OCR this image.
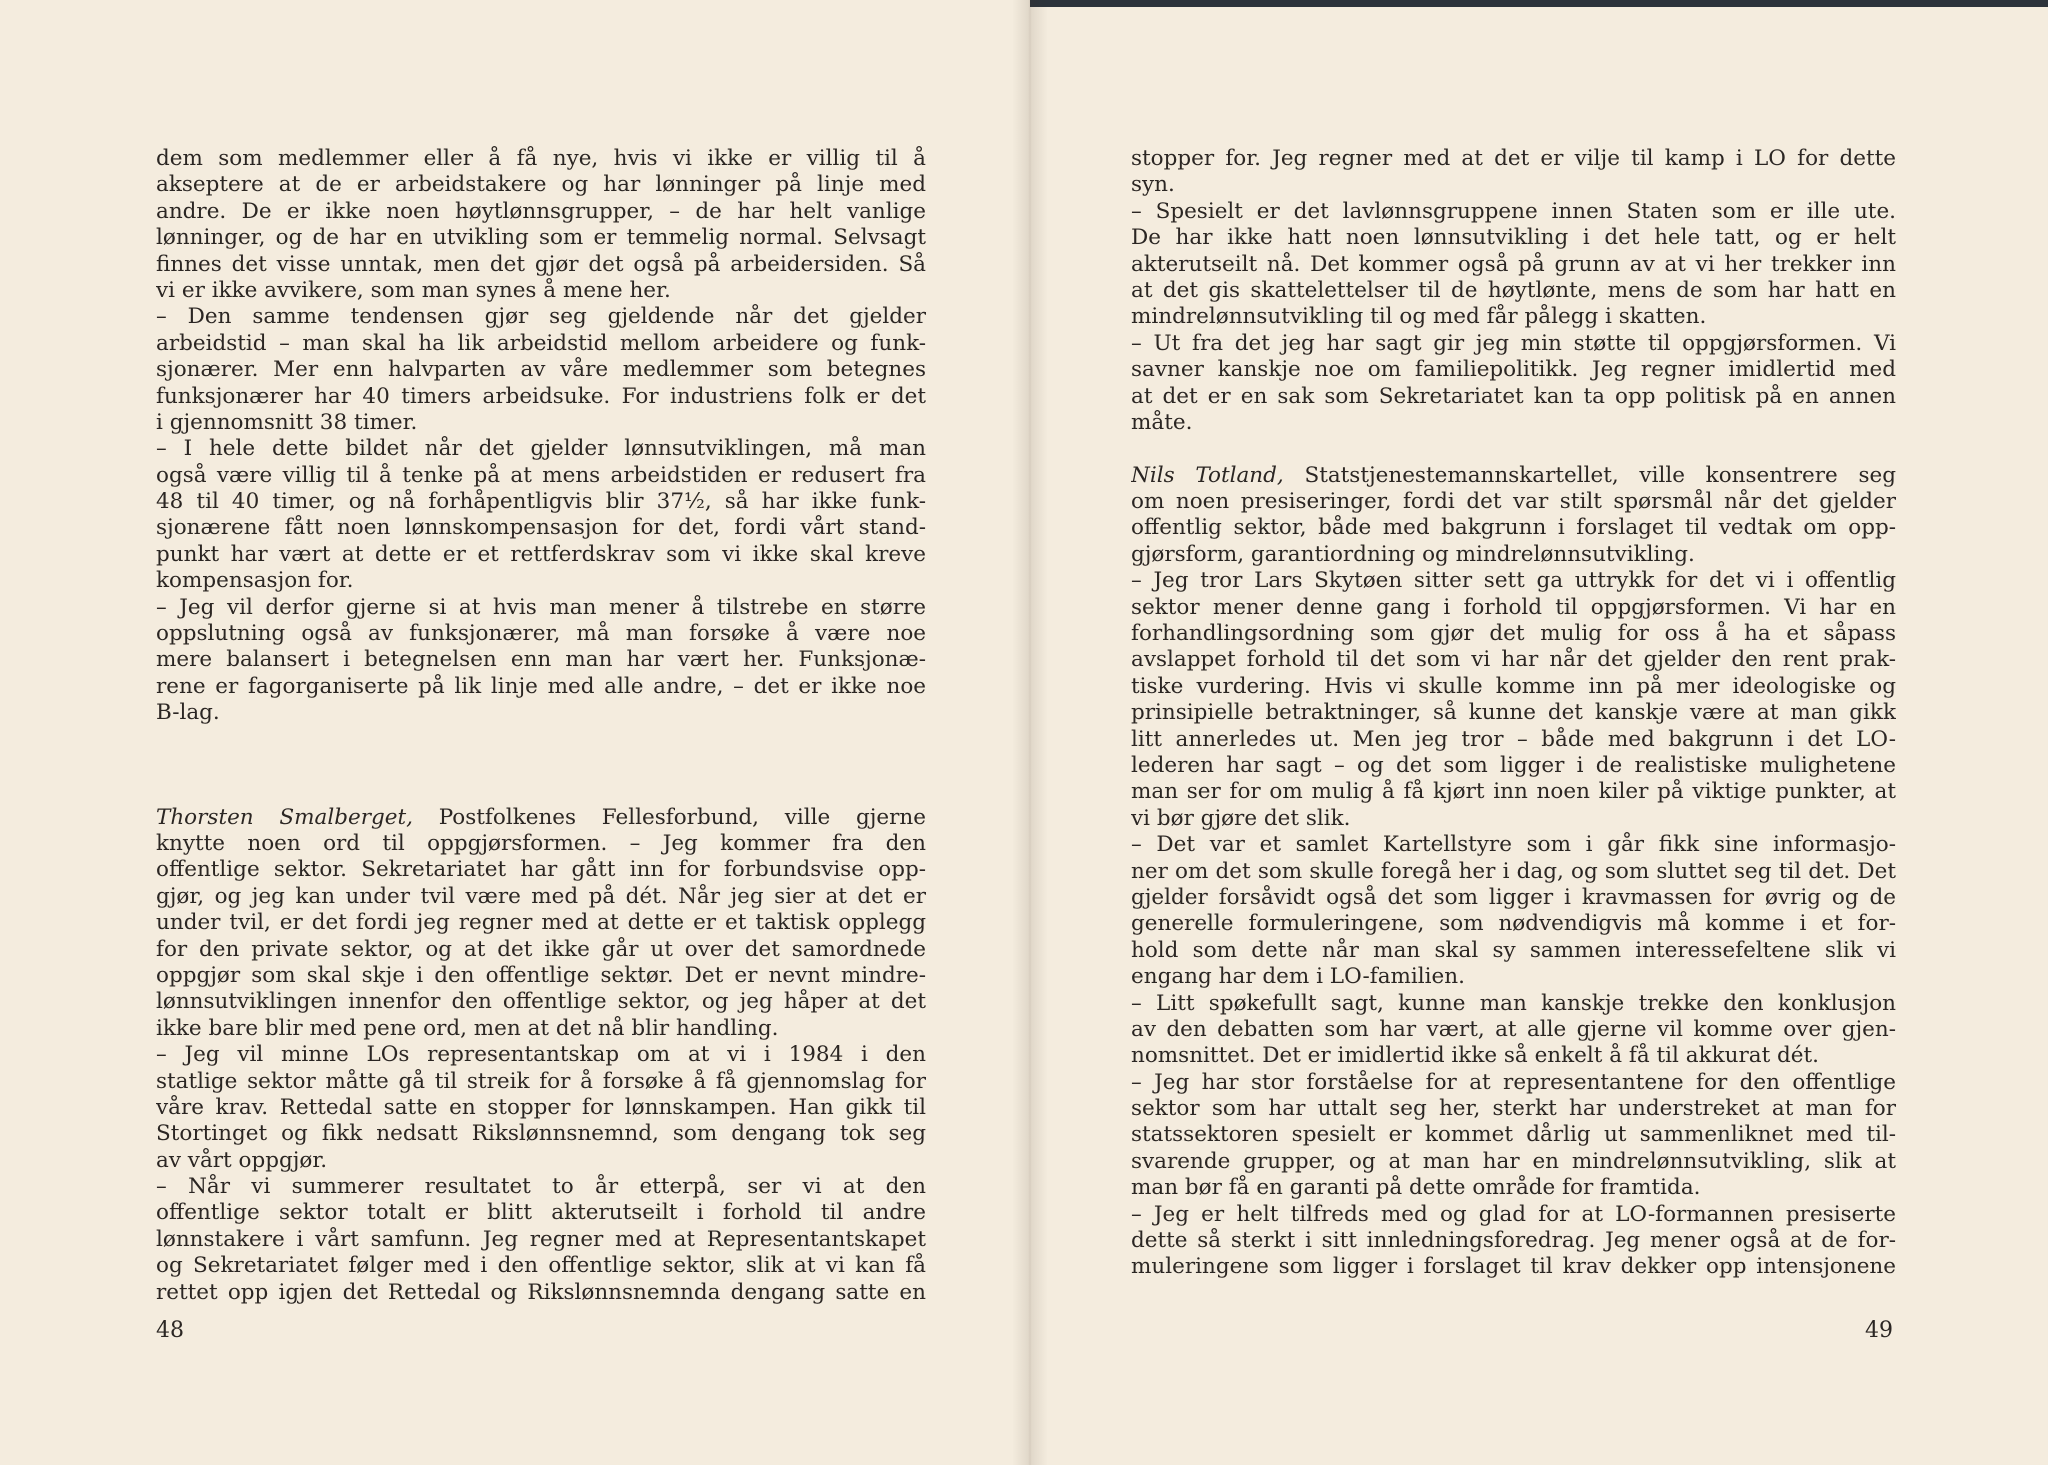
dem som medlemmer eller å få nye, hvis vi ikke er villig til å
akseptere at de er arbeidstakere og har lønninger på linje med
andre. De er ikke noen høytlønnsgrupper, – de har helt vanlige
lønninger, og de har en utvikling som er temmelig normal. Selvsagt
finnes det visse unntak, men det gjør det også på arbeidersiden. Så
vi er ikke avvikere, som man synes å mene her.
– Den samme tendensen gjør seg gjeldende når det gjelder
arbeidstid – man skal ha lik arbeidstid mellom arbeidere og funk-
sjonærer. Mer enn halvparten av våre medlemmer som betegnes
funksjonærer har 40 timers arbeidsuke. For industriens folk er det
i gjennomsnitt 38 timer.
– I hele dette bildet når det gjelder lønnsutviklingen, må man
også være villig til å tenke på at mens arbeidstiden er redusert fra
48 til 40 timer, og nå forhåpentligvis blir 37½, så har ikke funk-
sjonærene fått noen lønnskompensasjon for det, fordi vårt stand-
punkt har vært at dette er et rettferdskrav som vi ikke skal kreve
kompensasjon for.
– Jeg vil derfor gjerne si at hvis man mener å tilstrebe en større
oppslutning også av funksjonærer, må man forsøke å være noe
mere balansert i betegnelsen enn man har vært her. Funksjonæ-
rene er fagorganiserte på lik linje med alle andre, – det er ikke noe
B-lag.
Thorsten Smalberget, Postfolkenes Fellesforbund, ville gjerne
knytte noen ord til oppgjørsformen. – Jeg kommer fra den
offentlige sektor. Sekretariatet har gått inn for forbundsvise opp-
gjør, og jeg kan under tvil være med på dét. Når jeg sier at det er
under tvil, er det fordi jeg regner med at dette er et taktisk opplegg
for den private sektor, og at det ikke går ut over det samordnede
oppgjør som skal skje i den offentlige sektør. Det er nevnt mindre-
lønnsutviklingen innenfor den offentlige sektor, og jeg håper at det
ikke bare blir med pene ord, men at det nå blir handling.
– Jeg vil minne LOs representantskap om at vi i 1984 i den
statlige sektor måtte gå til streik for å forsøke å få gjennomslag for
våre krav. Rettedal satte en stopper for lønnskampen. Han gikk til
Stortinget og fikk nedsatt Rikslønnsnemnd, som dengang tok seg
av vårt oppgjør.
– Når vi summerer resultatet to år etterpå, ser vi at den
offentlige sektor totalt er blitt akterutseilt i forhold til andre
lønnstakere i vårt samfunn. Jeg regner med at Representantskapet
og Sekretariatet følger med i den offentlige sektor, slik at vi kan få
rettet opp igjen det Rettedal og Rikslønnsnemnda dengang satte en
stopper for. Jeg regner med at det er vilje til kamp i LO for dette
syn.
– Spesielt er det lavlønnsgruppene innen Staten som er ille ute.
De har ikke hatt noen lønnsutvikling i det hele tatt, og er helt
akterutseilt nå. Det kommer også på grunn av at vi her trekker inn
at det gis skattelettelser til de høytlønte, mens de som har hatt en
mindrelønnsutvikling til og med får pålegg i skatten.
– Ut fra det jeg har sagt gir jeg min støtte til oppgjørsformen. Vi
savner kanskje noe om familiepolitikk. Jeg regner imidlertid med
at det er en sak som Sekretariatet kan ta opp politisk på en annen
måte.
Nils Totland, Statstjenestemannskartellet, ville konsentrere seg
om noen presiseringer, fordi det var stilt spørsmål når det gjelder
offentlig sektor, både med bakgrunn i forslaget til vedtak om opp-
gjørsform, garantiordning og mindrelønnsutvikling.
– Jeg tror Lars Skytøen sitter sett ga uttrykk for det vi i offentlig
sektor mener denne gang i forhold til oppgjørsformen. Vi har en
forhandlingsordning som gjør det mulig for oss å ha et såpass
avslappet forhold til det som vi har når det gjelder den rent prak-
tiske vurdering. Hvis vi skulle komme inn på mer ideologiske og
prinsipielle betraktninger, så kunne det kanskje være at man gikk
litt annerledes ut. Men jeg tror – både med bakgrunn i det LO-
lederen har sagt – og det som ligger i de realistiske mulighetene
man ser for om mulig å få kjørt inn noen kiler på viktige punkter, at
vi bør gjøre det slik.
– Det var et samlet Kartellstyre som i går fikk sine informasjo-
ner om det som skulle foregå her i dag, og som sluttet seg til det. Det
gjelder forsåvidt også det som ligger i kravmassen for øvrig og de
generelle formuleringene, som nødvendigvis må komme i et for-
hold som dette når man skal sy sammen interessefeltene slik vi
engang har dem i LO-familien.
– Litt spøkefullt sagt, kunne man kanskje trekke den konklusjon
av den debatten som har vært, at alle gjerne vil komme over gjen-
nomsnittet. Det er imidlertid ikke så enkelt å få til akkurat dét.
– Jeg har stor forståelse for at representantene for den offentlige
sektor som har uttalt seg her, sterkt har understreket at man for
statssektoren spesielt er kommet dårlig ut sammenliknet med til-
svarende grupper, og at man har en mindrelønnsutvikling, slik at
man bør få en garanti på dette område for framtida.
– Jeg er helt tilfreds med og glad for at LO-formannen presiserte
dette så sterkt i sitt innledningsforedrag. Jeg mener også at de for-
muleringene som ligger i forslaget til krav dekker opp intensjonene
48	49
